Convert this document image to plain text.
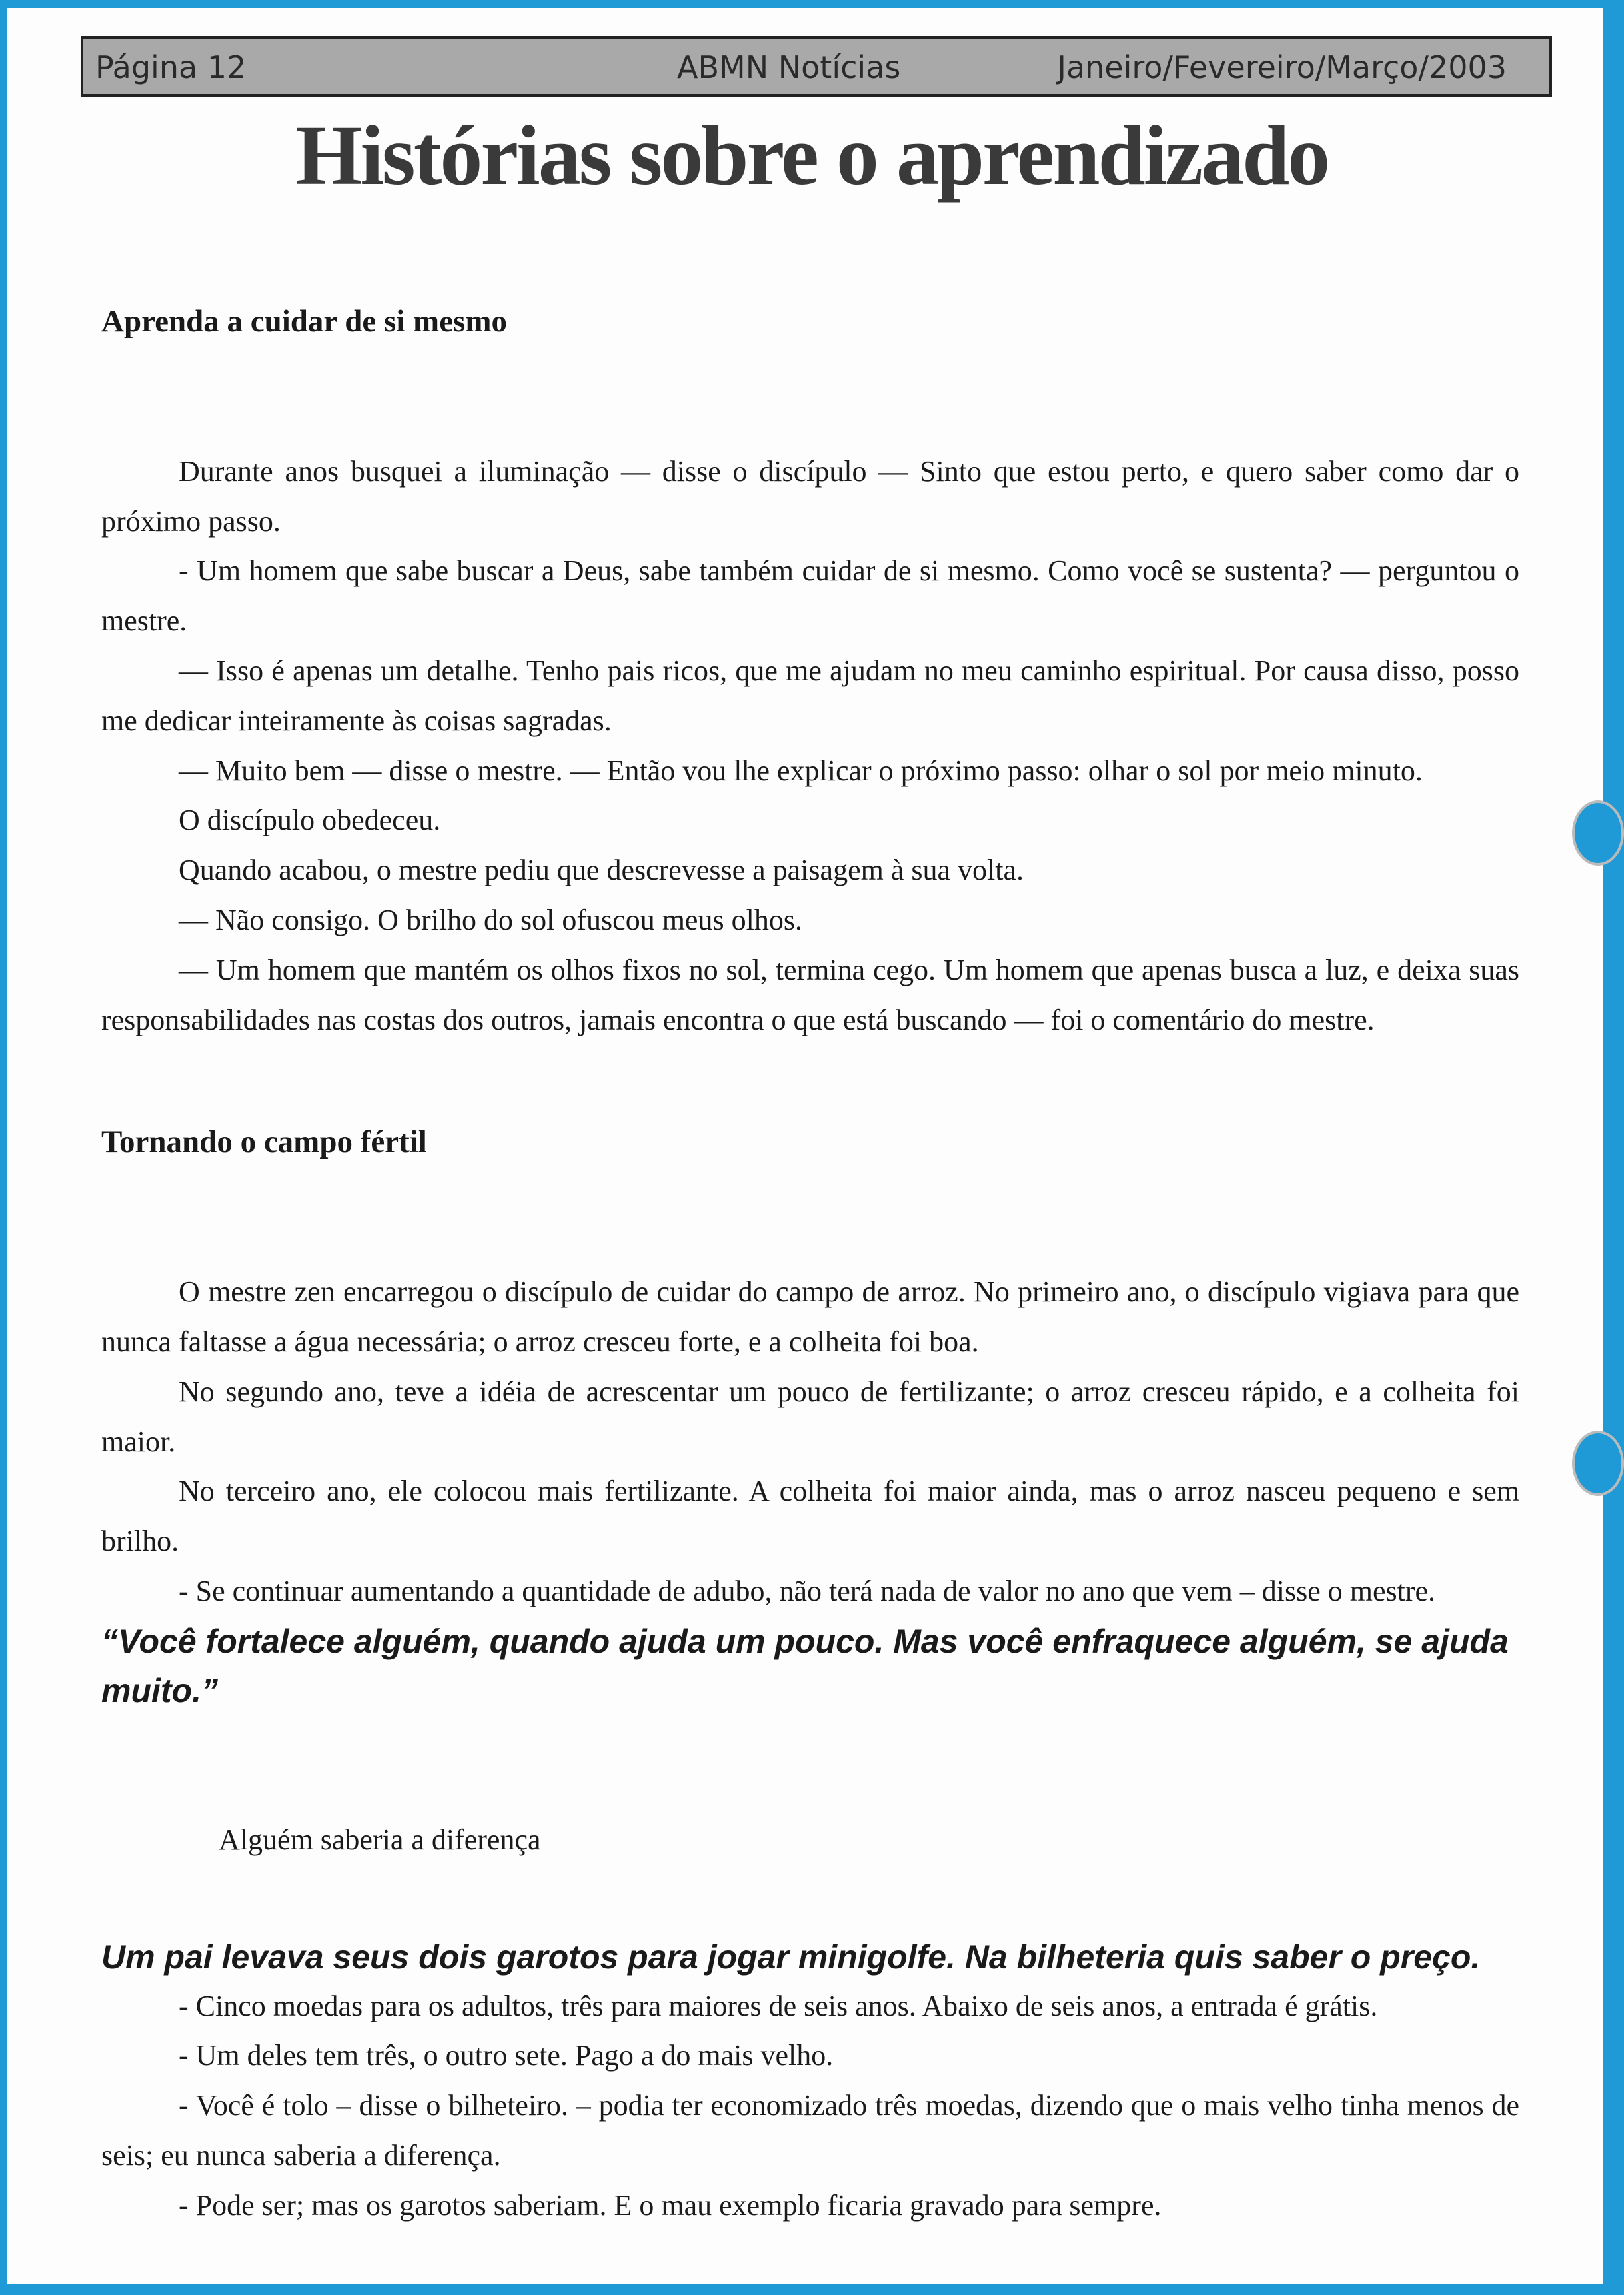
Página 12	ABMN Notícias	Janeiro/Fevereiro/Março/2003
Histórias sobre o aprendizado

Aprenda a cuidar de si mesmo

Durante anos busquei a iluminação — disse o discípulo — Sinto que estou perto, e quero saber como dar o próximo passo.

- Um homem que sabe buscar a Deus, sabe também cuidar de si mesmo. Como você se sustenta? — perguntou o mestre.

— Isso é apenas um detalhe. Tenho pais ricos, que me ajudam no meu caminho espiritual. Por causa disso, posso me dedicar inteiramente às coisas sagradas.

— Muito bem — disse o mestre. — Então vou lhe explicar o próximo passo: olhar o sol por meio minuto.

O discípulo obedeceu.

Quando acabou, o mestre pediu que descrevesse a paisagem à sua volta.

— Não consigo. O brilho do sol ofuscou meus olhos.

— Um homem que mantém os olhos fixos no sol, termina cego. Um homem que apenas busca a luz, e deixa suas responsabilidades nas costas dos outros, jamais encontra o que está buscando — foi o comentário do mestre.

Tornando o campo fértil

O mestre zen encarregou o discípulo de cuidar do campo de arroz. No primeiro ano, o discípulo vigiava para que nunca faltasse a água necessária; o arroz cresceu forte, e a colheita foi boa.

No segundo ano, teve a idéia de acrescentar um pouco de fertilizante; o arroz cresceu rápido, e a colheita foi maior.

No terceiro ano, ele colocou mais fertilizante. A colheita foi maior ainda, mas o arroz nasceu pequeno e sem brilho.

- Se continuar aumentando a quantidade de adubo, não terá nada de valor no ano que vem – disse o mestre.

“Você fortalece alguém, quando ajuda um pouco. Mas você enfraquece alguém, se ajuda muito.”

Alguém saberia a diferença

Um pai levava seus dois garotos para jogar minigolfe. Na bilheteria quis saber o preço.

- Cinco moedas para os adultos, três para maiores de seis anos. Abaixo de seis anos, a entrada é grátis.

- Um deles tem três, o outro sete. Pago a do mais velho.

- Você é tolo – disse o bilheteiro. – podia ter economizado três moedas, dizendo que o mais velho tinha menos de seis; eu nunca saberia a diferença.

- Pode ser; mas os garotos saberiam. E o mau exemplo ficaria gravado para sempre.
